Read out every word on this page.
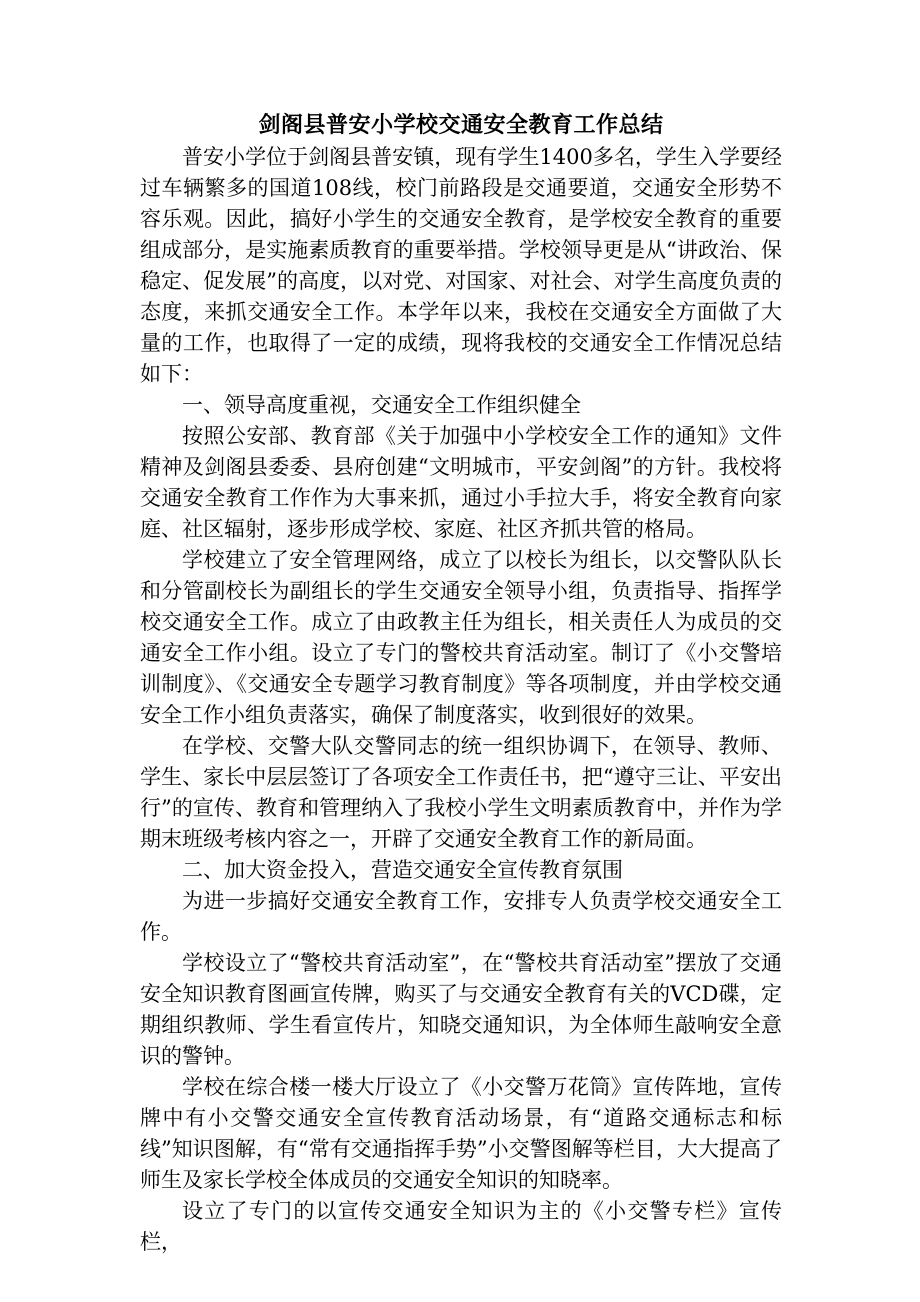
剑阁县普安小学校交通安全教育工作总结

普安小学位于剑阁县普安镇，现有学生1400多名，学生入学要经过车辆繁多的国道108线，校门前路段是交通要道，交通安全形势不容乐观。因此，搞好小学生的交通安全教育，是学校安全教育的重要组成部分，是实施素质教育的重要举措。学校领导更是从“讲政治、保稳定、促发展”的高度，以对党、对国家、对社会、对学生高度负责的态度，来抓交通安全工作。本学年以来，我校在交通安全方面做了大量的工作，也取得了一定的成绩，现将我校的交通安全工作情况总结如下：

一、领导高度重视，交通安全工作组织健全

按照公安部、教育部《关于加强中小学校安全工作的通知》文件精神及剑阁县委委、县府创建“文明城市，平安剑阁”的方针。我校将交通安全教育工作作为大事来抓，通过小手拉大手，将安全教育向家庭、社区辐射，逐步形成学校、家庭、社区齐抓共管的格局。

学校建立了安全管理网络，成立了以校长为组长，以交警队队长和分管副校长为副组长的学生交通安全领导小组，负责指导、指挥学校交通安全工作。成立了由政教主任为组长，相关责任人为成员的交通安全工作小组。设立了专门的警校共育活动室。制订了《小交警培训制度》、《交通安全专题学习教育制度》等各项制度，并由学校交通安全工作小组负责落实，确保了制度落实，收到很好的效果。

在学校、交警大队交警同志的统一组织协调下，在领导、教师、学生、家长中层层签订了各项安全工作责任书，把“遵守三让、平安出行”的宣传、教育和管理纳入了我校小学生文明素质教育中，并作为学期末班级考核内容之一，开辟了交通安全教育工作的新局面。

二、加大资金投入，营造交通安全宣传教育氛围

为进一步搞好交通安全教育工作，安排专人负责学校交通安全工作。

学校设立了“警校共育活动室”，在“警校共育活动室”摆放了交通安全知识教育图画宣传牌，购买了与交通安全教育有关的VCD碟，定期组织教师、学生看宣传片，知晓交通知识，为全体师生敲响安全意识的警钟。

学校在综合楼一楼大厅设立了《小交警万花筒》宣传阵地，宣传牌中有小交警交通安全宣传教育活动场景，有“道路交通标志和标线”知识图解，有“常有交通指挥手势”小交警图解等栏目，大大提高了师生及家长学校全体成员的交通安全知识的知晓率。

设立了专门的以宣传交通安全知识为主的《小交警专栏》宣传栏，
